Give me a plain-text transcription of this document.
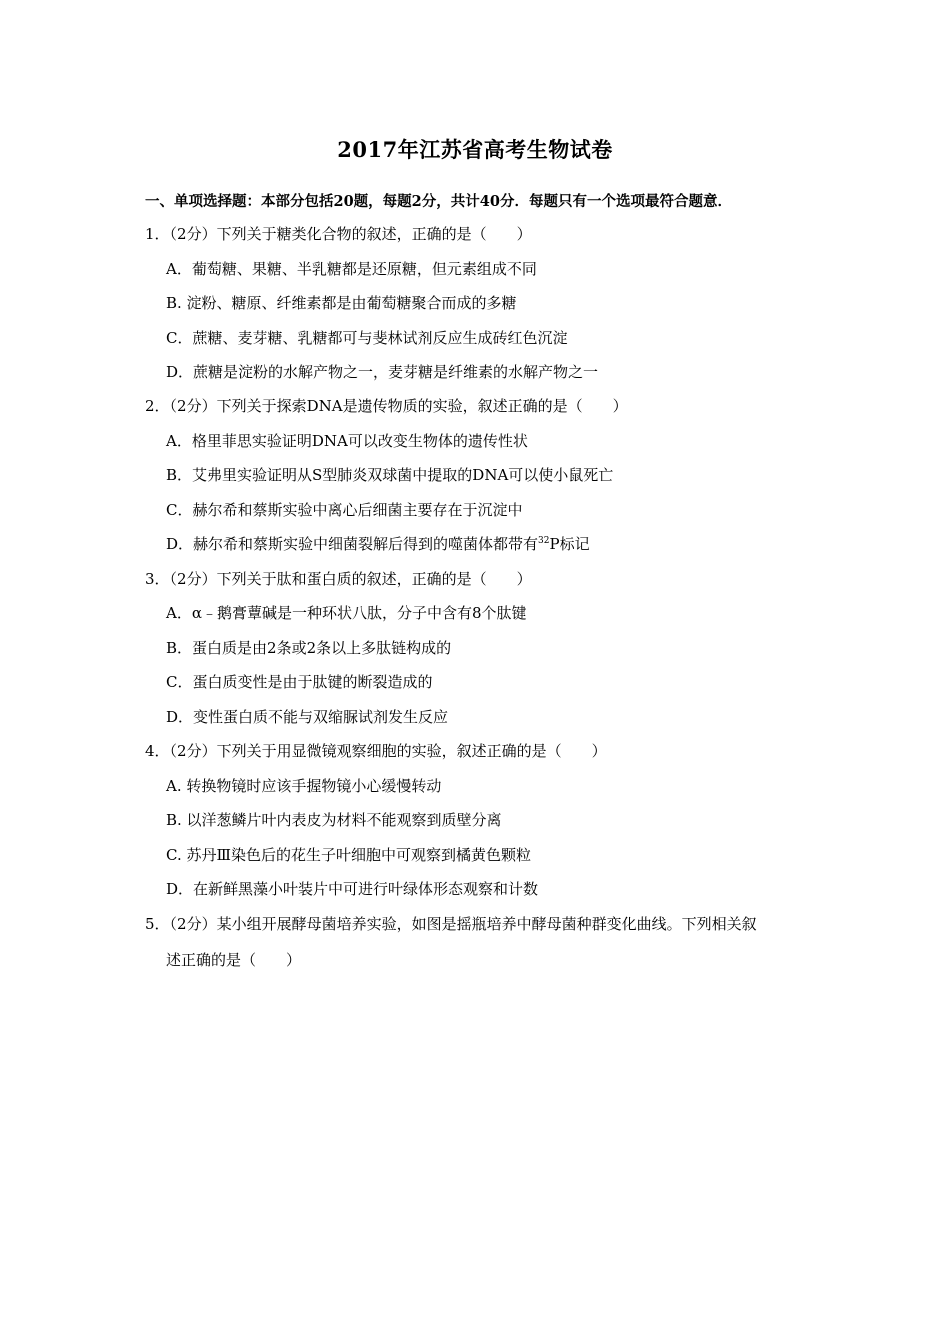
2017年江苏省高考生物试卷
一、单项选择题：本部分包括20题，每题2分，共计40分．每题只有一个选项最符合题意．
1．（2分）下列关于糖类化合物的叙述，正确的是（　　）
A．葡萄糖、果糖、半乳糖都是还原糖，但元素组成不同
B. 淀粉、糖原、纤维素都是由葡萄糖聚合而成的多糖
C．蔗糖、麦芽糖、乳糖都可与斐林试剂反应生成砖红色沉淀
D．蔗糖是淀粉的水解产物之一，麦芽糖是纤维素的水解产物之一
2．（2分）下列关于探索DNA是遗传物质的实验，叙述正确的是（　　）
A．格里菲思实验证明DNA可以改变生物体的遗传性状
B．艾弗里实验证明从S型肺炎双球菌中提取的DNA可以使小鼠死亡
C．赫尔希和蔡斯实验中离心后细菌主要存在于沉淀中
D．赫尔希和蔡斯实验中细菌裂解后得到的噬菌体都带有$^{32}$P标记
3．（2分）下列关于肽和蛋白质的叙述，正确的是（　　）
A．α﹣鹅膏蕈碱是一种环状八肽，分子中含有8个肽键
B．蛋白质是由2条或2条以上多肽链构成的
C．蛋白质变性是由于肽键的断裂造成的
D．变性蛋白质不能与双缩脲试剂发生反应
4．（2分）下列关于用显微镜观察细胞的实验，叙述正确的是（　　）
A. 转换物镜时应该手握物镜小心缓慢转动
B. 以洋葱鳞片叶内表皮为材料不能观察到质壁分离
C. 苏丹Ⅲ染色后的花生子叶细胞中可观察到橘黄色颗粒
D．在新鲜黑藻小叶装片中可进行叶绿体形态观察和计数
5．（2分）某小组开展酵母菌培养实验，如图是摇瓶培养中酵母菌种群变化曲线。下列相关叙
述正确的是（　　）
